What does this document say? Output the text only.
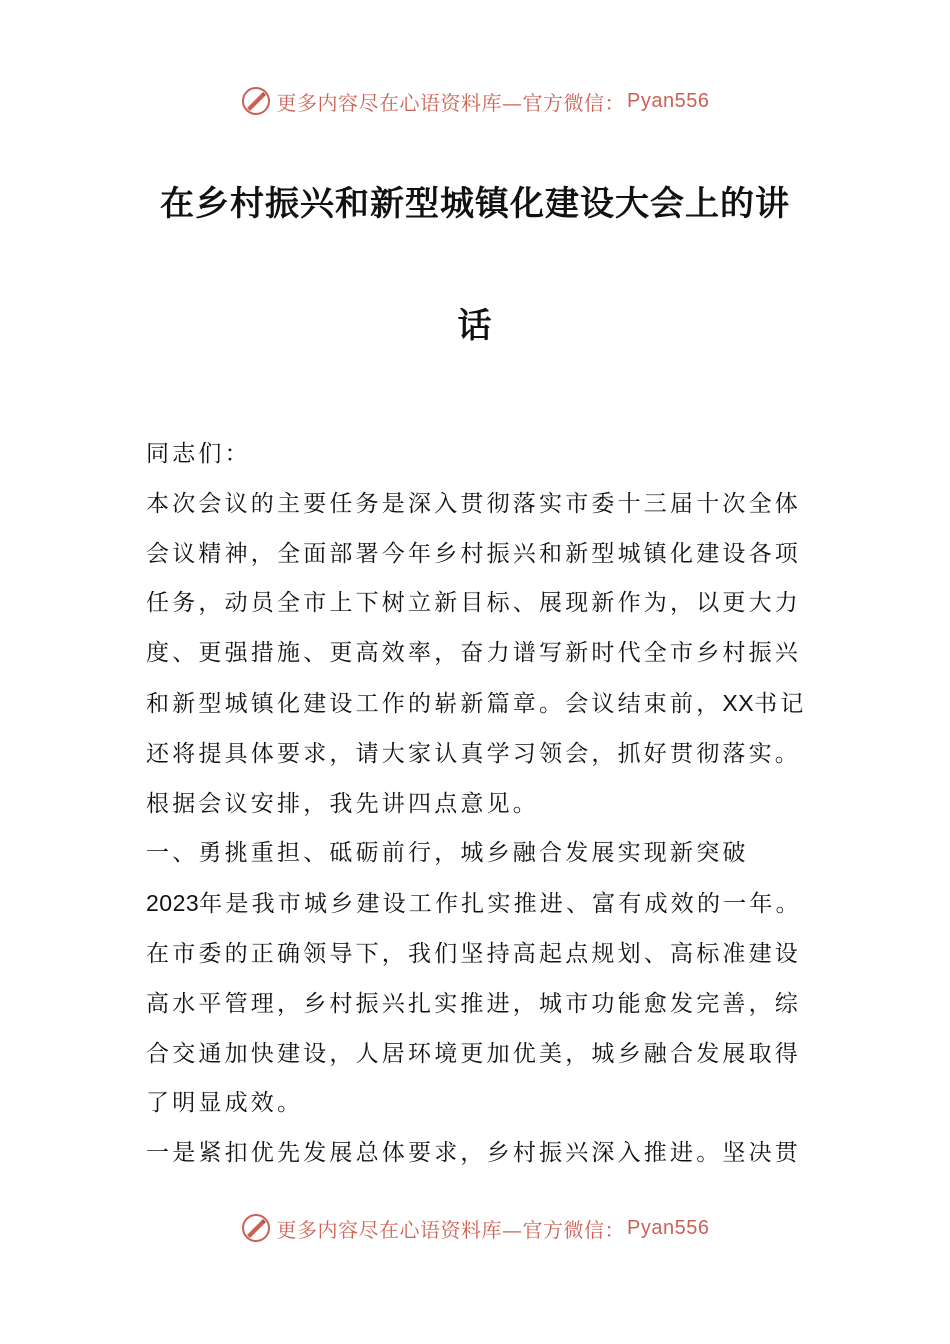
更多内容尽在心语资料库—官方微信： Pyan556
在乡村振兴和新型城镇化建设大会上的讲
话

同志们：

本次会议的主要任务是深入贯彻落实市委十三届十次全体

会议精神，全面部署今年乡村振兴和新型城镇化建设各项

任务，动员全市上下树立新目标、展现新作为，以更大力

度、更强措施、更高效率，奋力谱写新时代全市乡村振兴

和新型城镇化建设工作的崭新篇章。会议结束前，XX书记

还将提具体要求，请大家认真学习领会，抓好贯彻落实。

根据会议安排，我先讲四点意见。

一、勇挑重担、砥砺前行，城乡融合发展实现新突破

2023年是我市城乡建设工作扎实推进、富有成效的一年。

在市委的正确领导下，我们坚持高起点规划、高标准建设

高水平管理，乡村振兴扎实推进，城市功能愈发完善，综

合交通加快建设，人居环境更加优美，城乡融合发展取得

了明显成效。

一是紧扣优先发展总体要求，乡村振兴深入推进。坚决贯

更多内容尽在心语资料库—官方微信： Pyan556
